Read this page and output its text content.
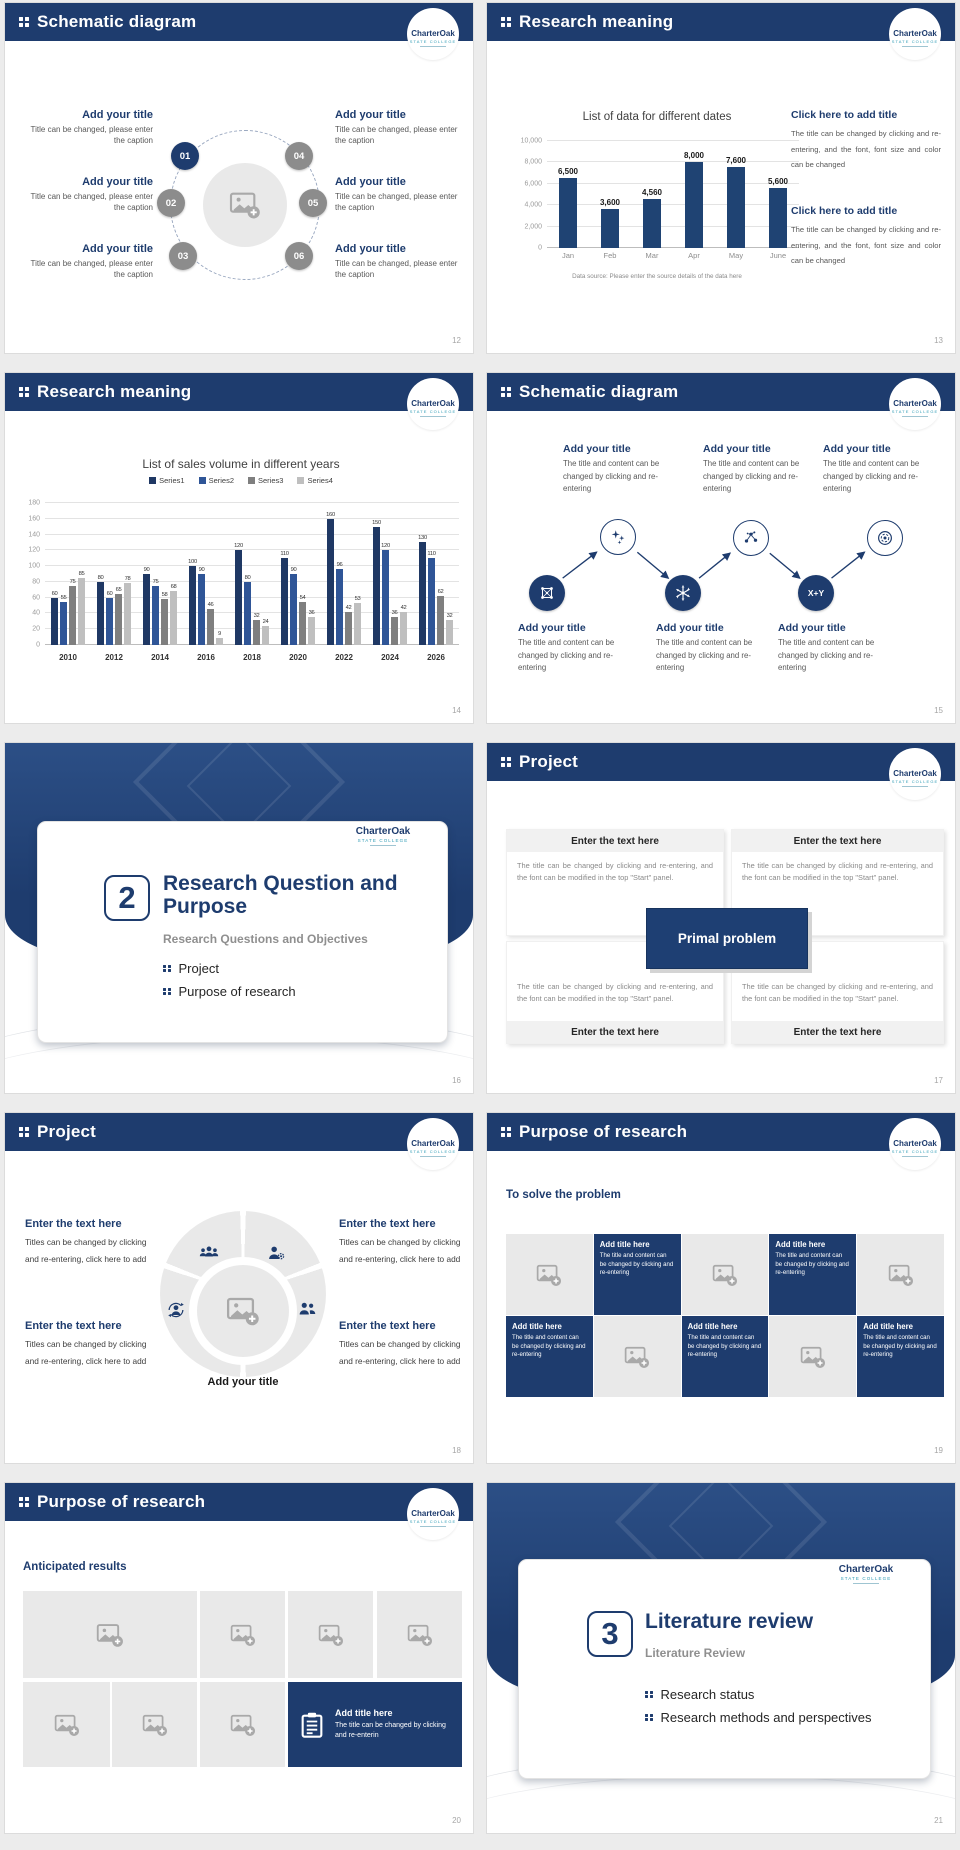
Schematic diagram
CharterOak
STATE COLLEGE
01
02
03
04
05
06
Add your title

Title can be changed, please enter the caption

Add your title

Title can be changed, please enter the caption

Add your title

Title can be changed, please enter the caption

Add your title

Title can be changed, please enter the caption

Add your title

Title can be changed, please enter the caption

Add your title

Title can be changed, please enter the caption

12
Research meaning
CharterOak
STATE COLLEGE
List of data for different dates
0
2,000
4,000
6,000
8,000
10,000
6,500
3,600
4,560
8,000	7,600
5,600
Jan	Feb	Mar	Apr	May	June
Data source: Please enter the source details of the data here
Click here to add title

The title can be changed by clicking and re-entering, and the font, font size and color can be changed

Click here to add title

The title can be changed by clicking and re-entering, and the font, font size and color can be changed

13
Research meaning
CharterOak
STATE COLLEGE
List of sales volume in different years
Series1	Series2	Series3	Series4
0
20
40
60
80
100
120
140
160
180
60
55
75
85
80
60
65
78
90
75
58
68
100
90
46
9
120
80
32
24
110
90
54
36
160
96
42
53
150
120
36
42
130
110
62
32
2010	2012	2014	2016	2018	2020	2022	2024	2026
14
Schematic diagram
CharterOak
STATE COLLEGE
Add your title

The title and content can be changed by clicking and re-entering

Add your title

The title and content can be changed by clicking and re-entering

Add your title

The title and content can be changed by clicking and re-entering

X+Y
Add your title

The title and content can be changed by clicking and re-entering

Add your title

The title and content can be changed by clicking and re-entering

Add your title

The title and content can be changed by clicking and re-entering

15
CharterOak
STATE COLLEGE
2	Research Question and Purpose
Research Questions and Objectives
Project
Purpose of research
16
Project
CharterOak
STATE COLLEGE
Enter the text here
The title can be changed by clicking and re-entering, and the font can be modified in the top "Start" panel.
Enter the text here
The title can be changed by clicking and re-entering, and the font can be modified in the top "Start" panel.
Enter the text here
The title can be changed by clicking and re-entering, and the font can be modified in the top "Start" panel.
Enter the text here
The title can be changed by clicking and re-entering, and the font can be modified in the top "Start" panel.
Primal problem
17
Project
CharterOak
STATE COLLEGE
Add your title
Enter the text here

Titles can be changed by clicking and re-entering, click here to add

Enter the text here

Titles can be changed by clicking and re-entering, click here to add

Enter the text here

Titles can be changed by clicking and re-entering, click here to add

Enter the text here

Titles can be changed by clicking and re-entering, click here to add

18
Purpose of research
CharterOak
STATE COLLEGE
To solve the problem
Add title here

The title and content can be changed by clicking and re-entering

Add title here

The title and content can be changed by clicking and re-entering

Add title here

The title and content can be changed by clicking and re-entering

Add title here

The title and content can be changed by clicking and re-entering

Add title here

The title and content can be changed by clicking and re-entering

19
Purpose of research
CharterOak
STATE COLLEGE
Anticipated results
Add title here

The title can be changed by clicking and re-enterin

20
CharterOak
STATE COLLEGE
3	Literature review
Literature Review
Research status
Research methods and perspectives
21
